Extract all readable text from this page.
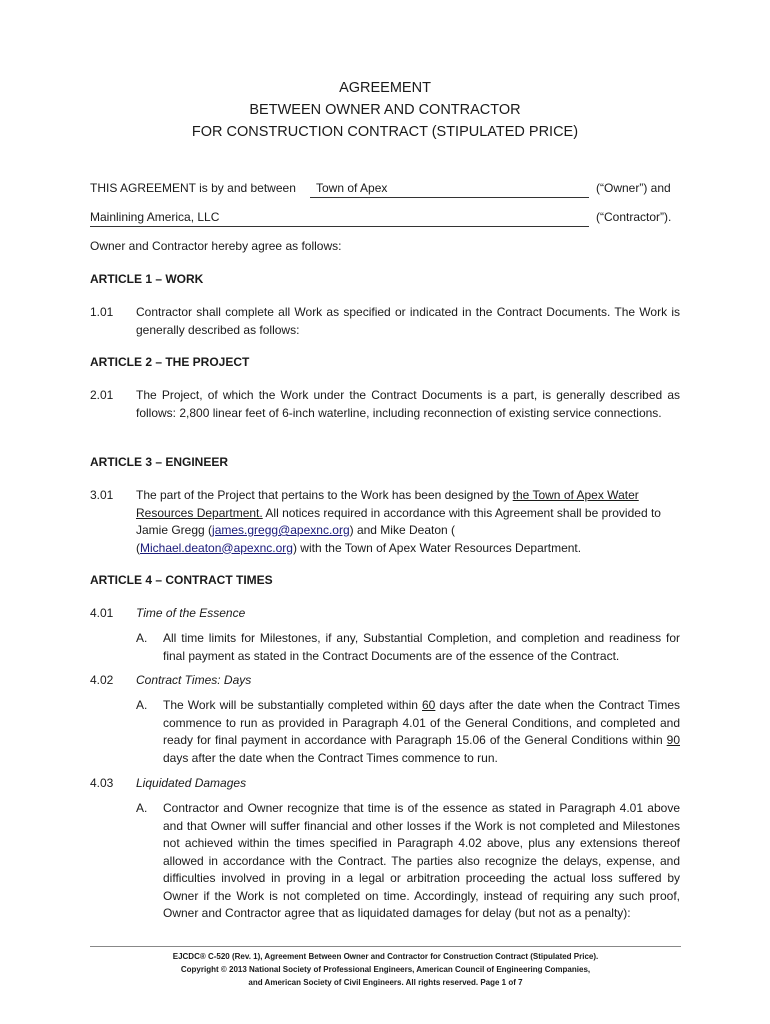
AGREEMENT
BETWEEN OWNER AND CONTRACTOR
FOR CONSTRUCTION CONTRACT (STIPULATED PRICE)
THIS AGREEMENT is by and between Town of Apex	(“Owner”) and
Mainlining America, LLC	(“Contractor”).
Owner and Contractor hereby agree as follows:
ARTICLE 1 – WORK
1.01 Contractor shall complete all Work as specified or indicated in the Contract Documents. The Work is generally described as follows:
ARTICLE 2 – THE PROJECT
2.01 The Project, of which the Work under the Contract Documents is a part, is generally described as follows: 2,800 linear feet of 6-inch waterline, including reconnection of existing service connections.
ARTICLE 3 – ENGINEER
3.01 The part of the Project that pertains to the Work has been designed by the Town of Apex Water Resources Department. All notices required in accordance with this Agreement shall be provided to Jamie Gregg (james.gregg@apexnc.org) and Mike Deaton (
(Michael.deaton@apexnc.org) with the Town of Apex Water Resources Department.
ARTICLE 4 – CONTRACT TIMES
4.01 Time of the Essence
A. All time limits for Milestones, if any, Substantial Completion, and completion and readiness for final payment as stated in the Contract Documents are of the essence of the Contract.
4.02 Contract Times: Days
A. The Work will be substantially completed within 60 days after the date when the Contract Times commence to run as provided in Paragraph 4.01 of the General Conditions, and completed and ready for final payment in accordance with Paragraph 15.06 of the General Conditions within 90 days after the date when the Contract Times commence to run.
4.03 Liquidated Damages
A. Contractor and Owner recognize that time is of the essence as stated in Paragraph 4.01 above and that Owner will suffer financial and other losses if the Work is not completed and Milestones not achieved within the times specified in Paragraph 4.02 above, plus any extensions thereof allowed in accordance with the Contract. The parties also recognize the delays, expense, and difficulties involved in proving in a legal or arbitration proceeding the actual loss suffered by Owner if the Work is not completed on time. Accordingly, instead of requiring any such proof, Owner and Contractor agree that as liquidated damages for delay (but not as a penalty):
EJCDC® C-520 (Rev. 1), Agreement Between Owner and Contractor for Construction Contract (Stipulated Price).
Copyright © 2013 National Society of Professional Engineers, American Council of Engineering Companies,
and American Society of Civil Engineers. All rights reserved. Page 1 of 7
